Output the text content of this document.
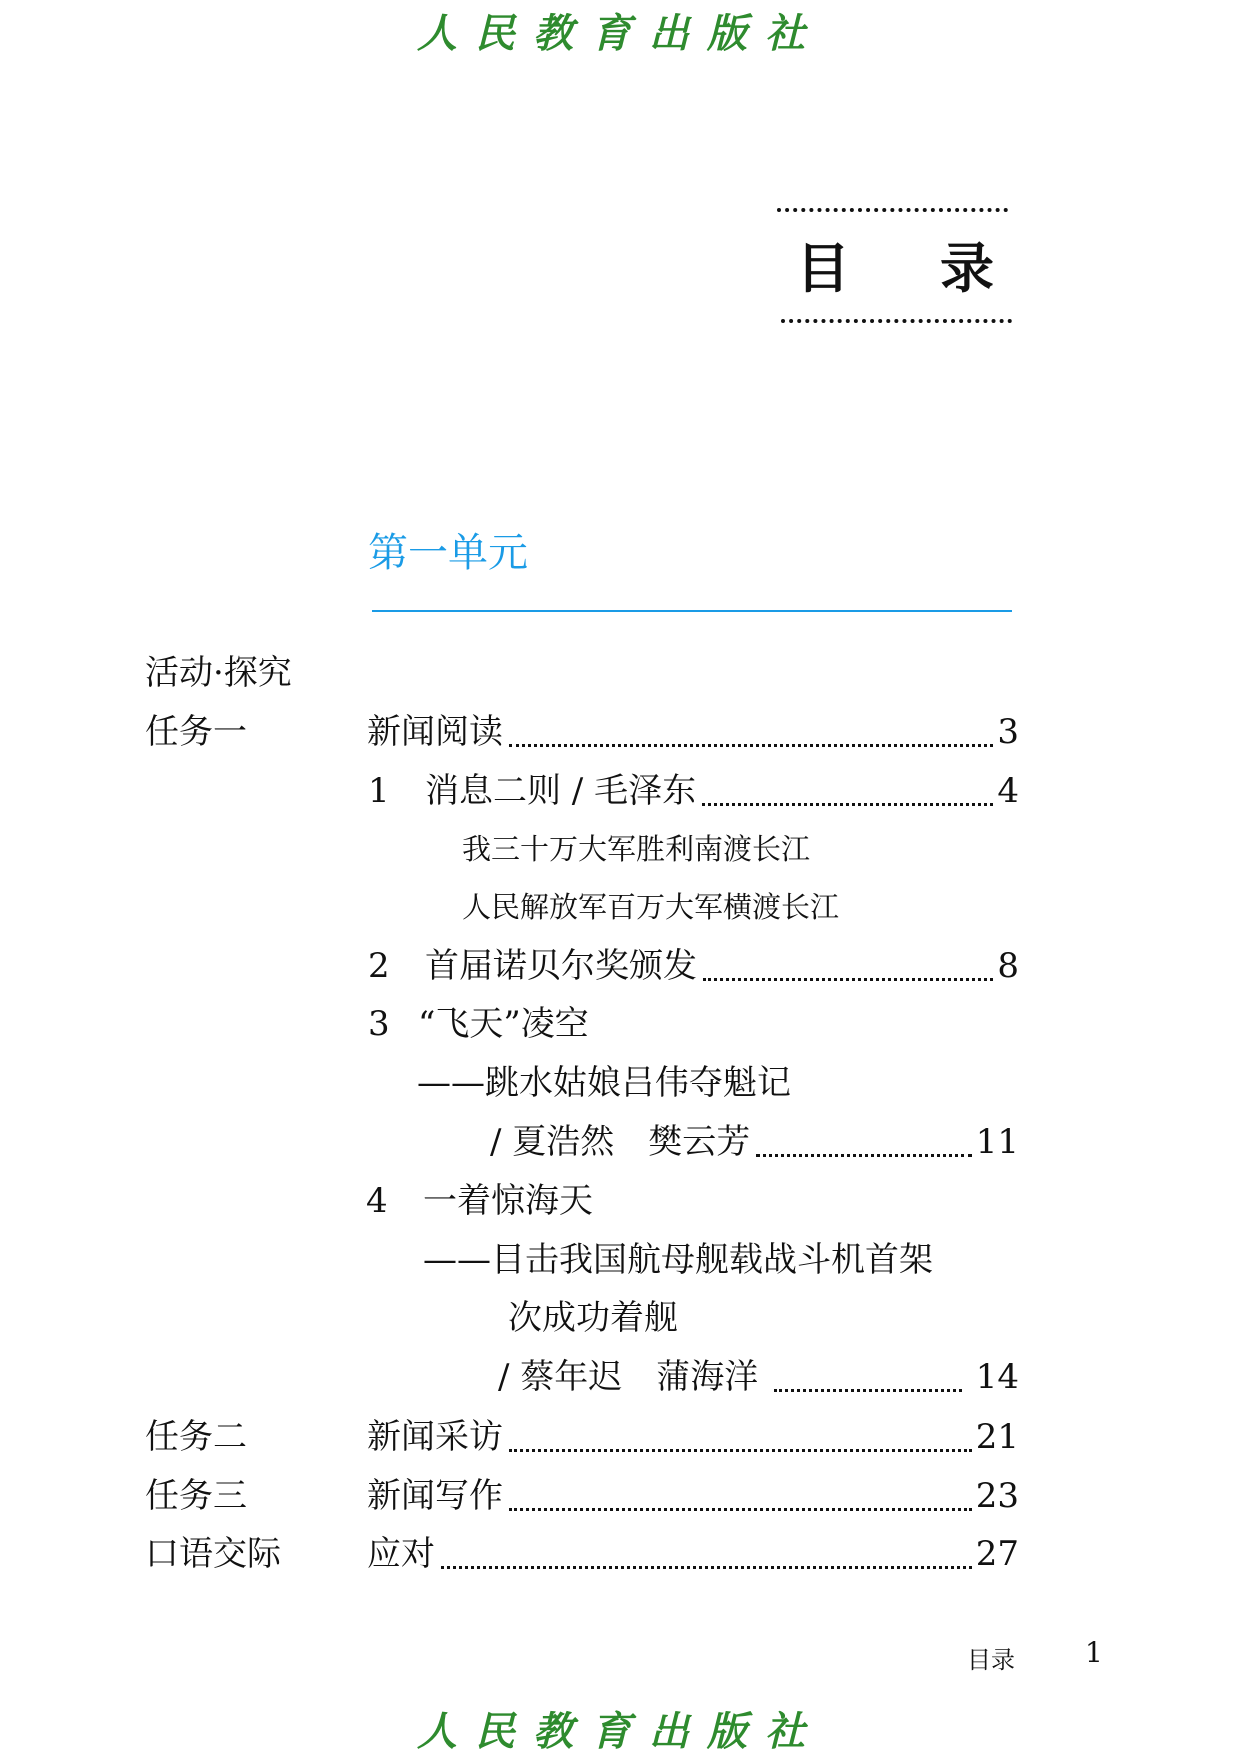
人民教育出版社
目 录
第一单元
活动·探究
任务一	新闻阅读	3
1 消息二则 / 毛泽东	4
我三十万大军胜利南渡长江
人民解放军百万大军横渡长江
2 首届诺贝尔奖颁发	8
3 “飞天”凌空
——跳水姑娘吕伟夺魁记
/ 夏浩然　樊云芳	11
4 一着惊海天
——目击我国航母舰载战斗机首架
次成功着舰
/ 蔡年迟　蒲海洋	14
任务二	新闻采访	21
任务三	新闻写作	23
口语交际	应对	27
目录	1
人民教育出版社
